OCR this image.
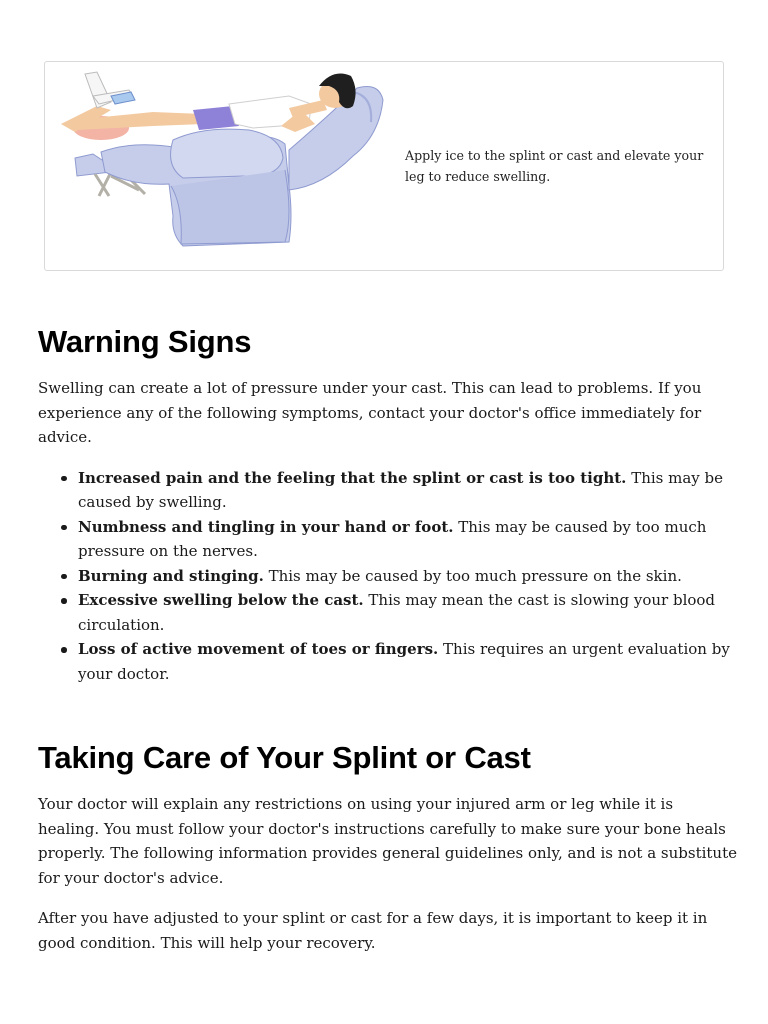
Apply ice to the splint or cast and elevate your leg to reduce swelling.

Warning Signs

Swelling can create a lot of pressure under your cast. This can lead to problems. If you experience any of the following symptoms, contact your doctor's office immediately for advice.

Increased pain and the feeling that the splint or cast is too tight. This may be caused by swelling.
Numbness and tingling in your hand or foot. This may be caused by too much pressure on the nerves.
Burning and stinging. This may be caused by too much pressure on the skin.
Excessive swelling below the cast. This may mean the cast is slowing your blood circulation.
Loss of active movement of toes or fingers. This requires an urgent evaluation by your doctor.
Taking Care of Your Splint or Cast

Your doctor will explain any restrictions on using your injured arm or leg while it is healing. You must follow your doctor's instructions carefully to make sure your bone heals properly. The following information provides general guidelines only, and is not a substitute for your doctor's advice.

After you have adjusted to your splint or cast for a few days, it is important to keep it in good condition. This will help your recovery.
